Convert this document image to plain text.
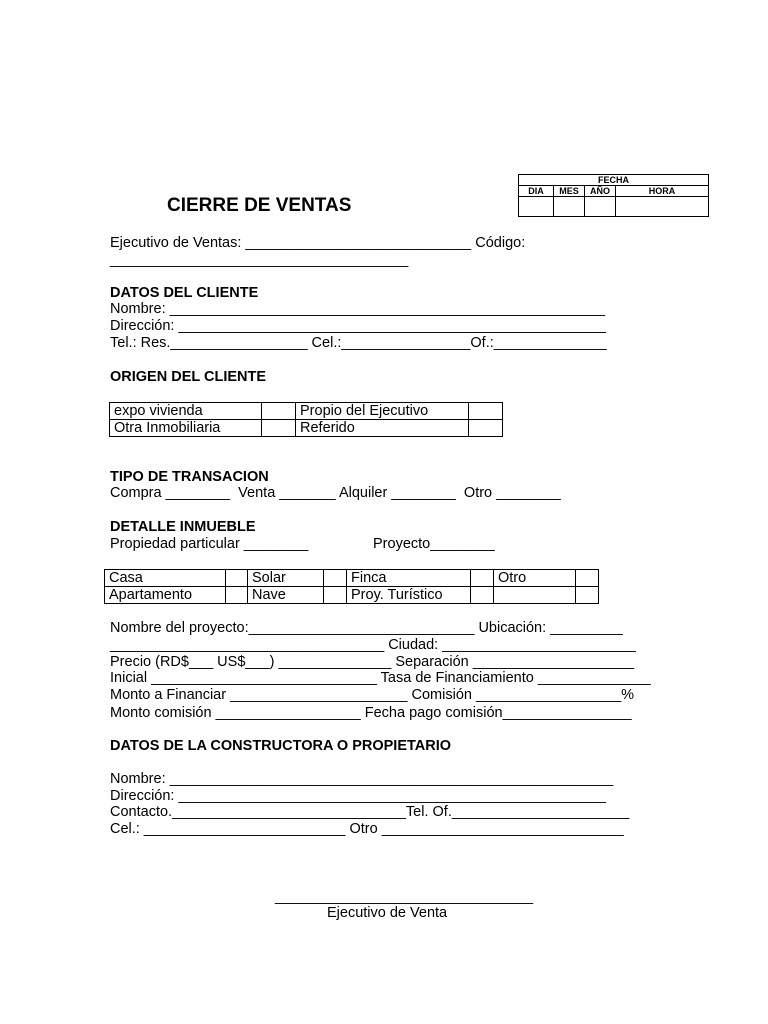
FECHA			
DIA	MES	AÑO	HORA

CIERRE DE VENTAS
Ejecutivo de Ventas: ____________________________ Código:
_____________________________________
DATOS DEL CLIENTE
Nombre: ______________________________________________________
Dirección: _____________________________________________________
Tel.: Res._________________ Cel.:________________Of.:______________
ORIGEN DEL CLIENTE
expo vivienda		Propio del Ejecutivo	
Otra Inmobiliaria		Referido	
TIPO DE TRANSACION
Compra ________  Venta _______ Alquiler ________  Otro ________
DETALLE INMUEBLE
Propiedad particular ________	Proyecto________
Casa		Solar		Finca		Otro	
Apartamento		Nave		Proy. Turístico			
Nombre del proyecto:____________________________ Ubicación: _________
__________________________________ Ciudad: ________________________
Precio (RD$___ US$___) ______________ Separación ____________________
Inicial ____________________________ Tasa de Financiamiento ______________
Monto a Financiar ______________________ Comisión __________________%
Monto comisión __________________ Fecha pago comisión________________
DATOS DE LA CONSTRUCTORA O PROPIETARIO
Nombre: _______________________________________________________
Dirección: _____________________________________________________
Contacto._____________________________Tel. Of.______________________
Cel.: _________________________ Otro ______________________________
________________________________
Ejecutivo de Venta
